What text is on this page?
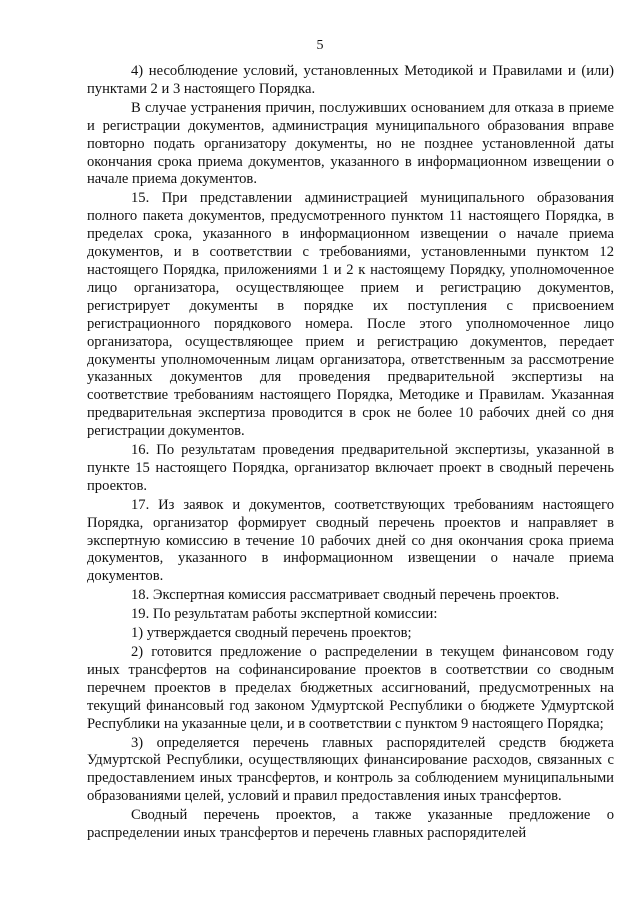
5

4) несоблюдение условий, установленных Методикой и Правилами и (или) пунктами 2 и 3 настоящего Порядка.

В случае устранения причин, послуживших основанием для отказа в приеме и регистрации документов, администрация муниципального образования вправе повторно подать организатору документы, но не позднее установленной даты окончания срока приема документов, указанного в информационном извещении о начале приема документов.

15. При представлении администрацией муниципального образования полного пакета документов, предусмотренного пунктом 11 настоящего Порядка, в пределах срока, указанного в информационном извещении о начале приема документов, и в соответствии с требованиями, установленными пунктом 12 настоящего Порядка, приложениями 1 и 2 к настоящему Порядку, уполномоченное лицо организатора, осуществляющее прием и регистрацию документов, регистрирует документы в порядке их поступления с присвоением регистрационного порядкового номера. После этого уполномоченное лицо организатора, осуществляющее прием и регистрацию документов, передает документы уполномоченным лицам организатора, ответственным за рассмотрение указанных документов для проведения предварительной экспертизы на соответствие требованиям настоящего Порядка, Методике и Правилам. Указанная предварительная экспертиза проводится в срок не более 10 рабочих дней со дня регистрации документов.

16. По результатам проведения предварительной экспертизы, указанной в пункте 15 настоящего Порядка, организатор включает проект в сводный перечень проектов.

17. Из заявок и документов, соответствующих требованиям настоящего Порядка, организатор формирует сводный перечень проектов и направляет в экспертную комиссию в течение 10 рабочих дней со дня окончания срока приема документов, указанного в информационном извещении о начале приема документов.

18. Экспертная комиссия рассматривает сводный перечень проектов.

19. По результатам работы экспертной комиссии:

1) утверждается сводный перечень проектов;

2) готовится предложение о распределении в текущем финансовом году иных трансфертов на софинансирование проектов в соответствии со сводным перечнем проектов в пределах бюджетных ассигнований, предусмотренных на текущий финансовый год законом Удмуртской Республики о бюджете Удмуртской Республики на указанные цели, и в соответствии с пунктом 9 настоящего Порядка;

3) определяется перечень главных распорядителей средств бюджета Удмуртской Республики, осуществляющих финансирование расходов, связанных с предоставлением иных трансфертов, и контроль за соблюдением муниципальными образованиями целей, условий и правил предоставления иных трансфертов.

Сводный перечень проектов, а также указанные предложение о распределении иных трансфертов и перечень главных распорядителей
